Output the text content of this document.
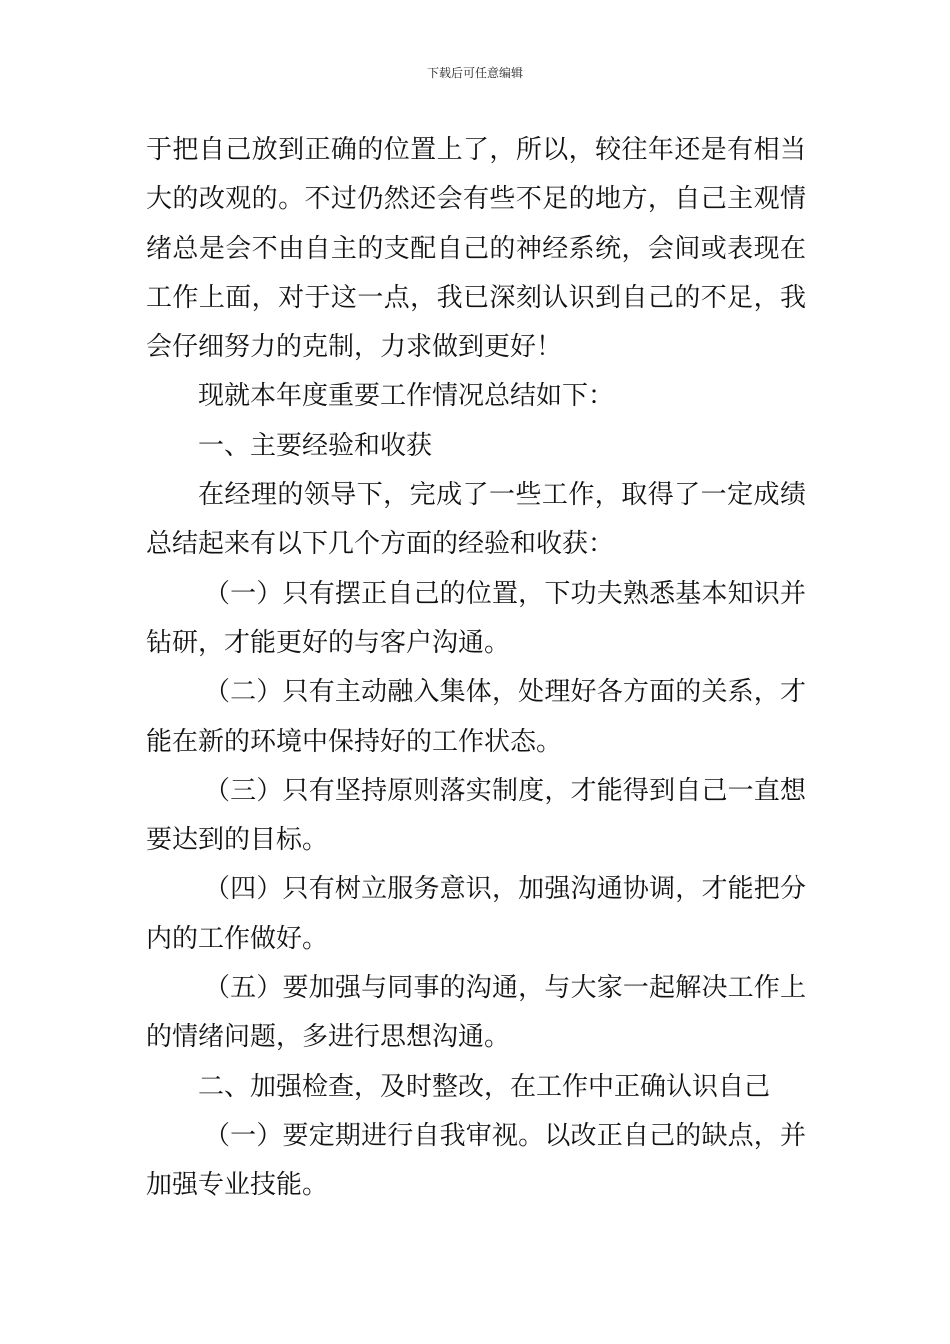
下载后可任意编辑

于把自己放到正确的位置上了，所以，较往年还是有相当大的改观的。不过仍然还会有些不足的地方，自己主观情绪总是会不由自主的支配自己的神经系统，会间或表现在工作上面，对于这一点，我已深刻认识到自己的不足，我会仔细努力的克制，力求做到更好！

现就本年度重要工作情况总结如下：

一、主要经验和收获

在经理的领导下，完成了一些工作，取得了一定成绩总结起来有以下几个方面的经验和收获：

（一）只有摆正自己的位置，下功夫熟悉基本知识并钻研，才能更好的与客户沟通。

（二）只有主动融入集体，处理好各方面的关系，才能在新的环境中保持好的工作状态。

（三）只有坚持原则落实制度，才能得到自己一直想要达到的目标。

（四）只有树立服务意识，加强沟通协调，才能把分内的工作做好。

（五）要加强与同事的沟通，与大家一起解决工作上的情绪问题，多进行思想沟通。

二、加强检查，及时整改，在工作中正确认识自己

（一）要定期进行自我审视。以改正自己的缺点，并加强专业技能。
